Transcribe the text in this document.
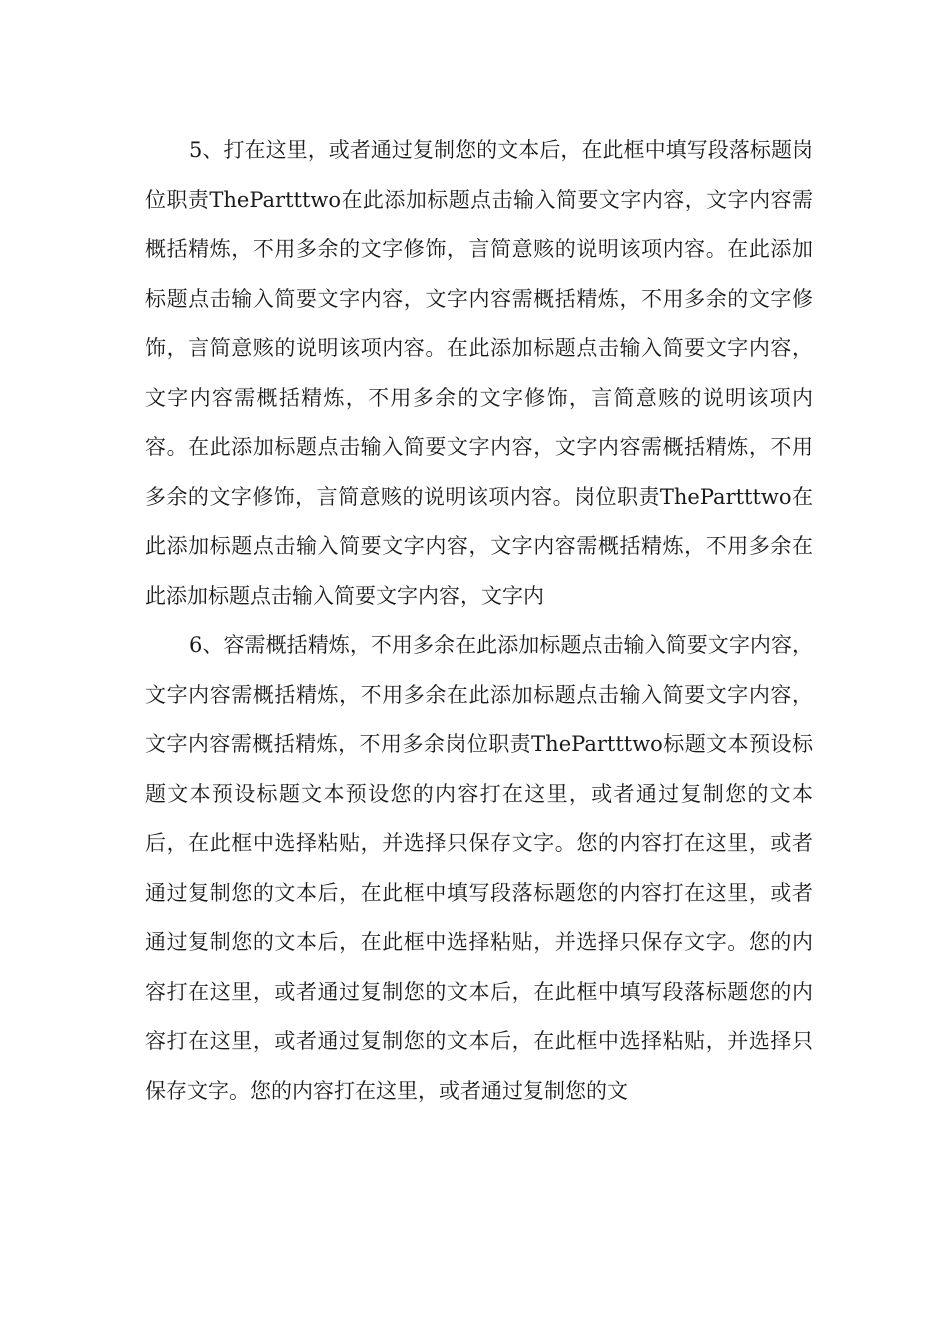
5、打在这里，或者通过复制您的文本后，在此框中填写段落标题岗位职责ThePartttwo在此添加标题点击输入简要文字内容，文字内容需概括精炼，不用多余的文字修饰，言简意赅的说明该项内容。在此添加标题点击输入简要文字内容，文字内容需概括精炼，不用多余的文字修饰，言简意赅的说明该项内容。在此添加标题点击输入简要文字内容，文字内容需概括精炼，不用多余的文字修饰，言简意赅的说明该项内容。在此添加标题点击输入简要文字内容，文字内容需概括精炼，不用多余的文字修饰，言简意赅的说明该项内容。岗位职责ThePartttwo在此添加标题点击输入简要文字内容，文字内容需概括精炼，不用多余在此添加标题点击输入简要文字内容，文字内

6、容需概括精炼，不用多余在此添加标题点击输入简要文字内容，文字内容需概括精炼，不用多余在此添加标题点击输入简要文字内容，文字内容需概括精炼，不用多余岗位职责ThePartttwo标题文本预设标题文本预设标题文本预设您的内容打在这里，或者通过复制您的文本后，在此框中选择粘贴，并选择只保存文字。您的内容打在这里，或者通过复制您的文本后，在此框中填写段落标题您的内容打在这里，或者通过复制您的文本后，在此框中选择粘贴，并选择只保存文字。您的内容打在这里，或者通过复制您的文本后，在此框中填写段落标题您的内容打在这里，或者通过复制您的文本后，在此框中选择粘贴，并选择只保存文字。您的内容打在这里，或者通过复制您的文
